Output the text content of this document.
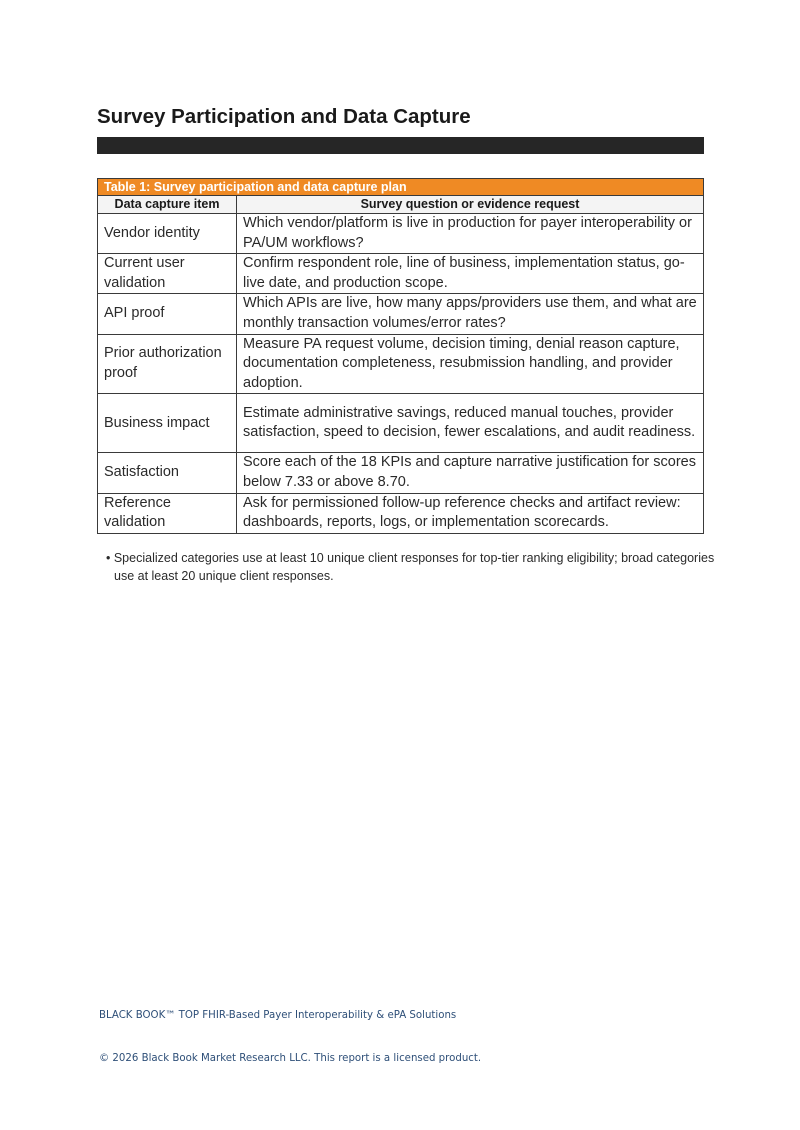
Survey Participation and Data Capture
Table 1: Survey participation and data capture plan	
Data capture item	Survey question or evidence request
Vendor identity	Which vendor/platform is live in production for payer interoperability or PA/UM workflows?
Current user validation	Confirm respondent role, line of business, implementation status, go-live date, and production scope.
API proof	Which APIs are live, how many apps/providers use them, and what are monthly transaction volumes/error rates?
Prior authorization proof	Measure PA request volume, decision timing, denial reason capture, documentation completeness, resubmission handling, and provider adoption.
Business impact	Estimate administrative savings, reduced manual touches, provider satisfaction, speed to decision, fewer escalations, and audit readiness.
Satisfaction	Score each of the 18 KPIs and capture narrative justification for scores below 7.33 or above 8.70.
Reference validation	Ask for permissioned follow-up reference checks and artifact review: dashboards, reports, logs, or implementation scorecards.

• Specialized categories use at least 10 unique client responses for top-tier ranking eligibility; broad categories use at least 20 unique client responses.

BLACK BOOK™ TOP FHIR-Based Payer Interoperability & ePA Solutions

© 2026 Black Book Market Research LLC. This report is a licensed product.
